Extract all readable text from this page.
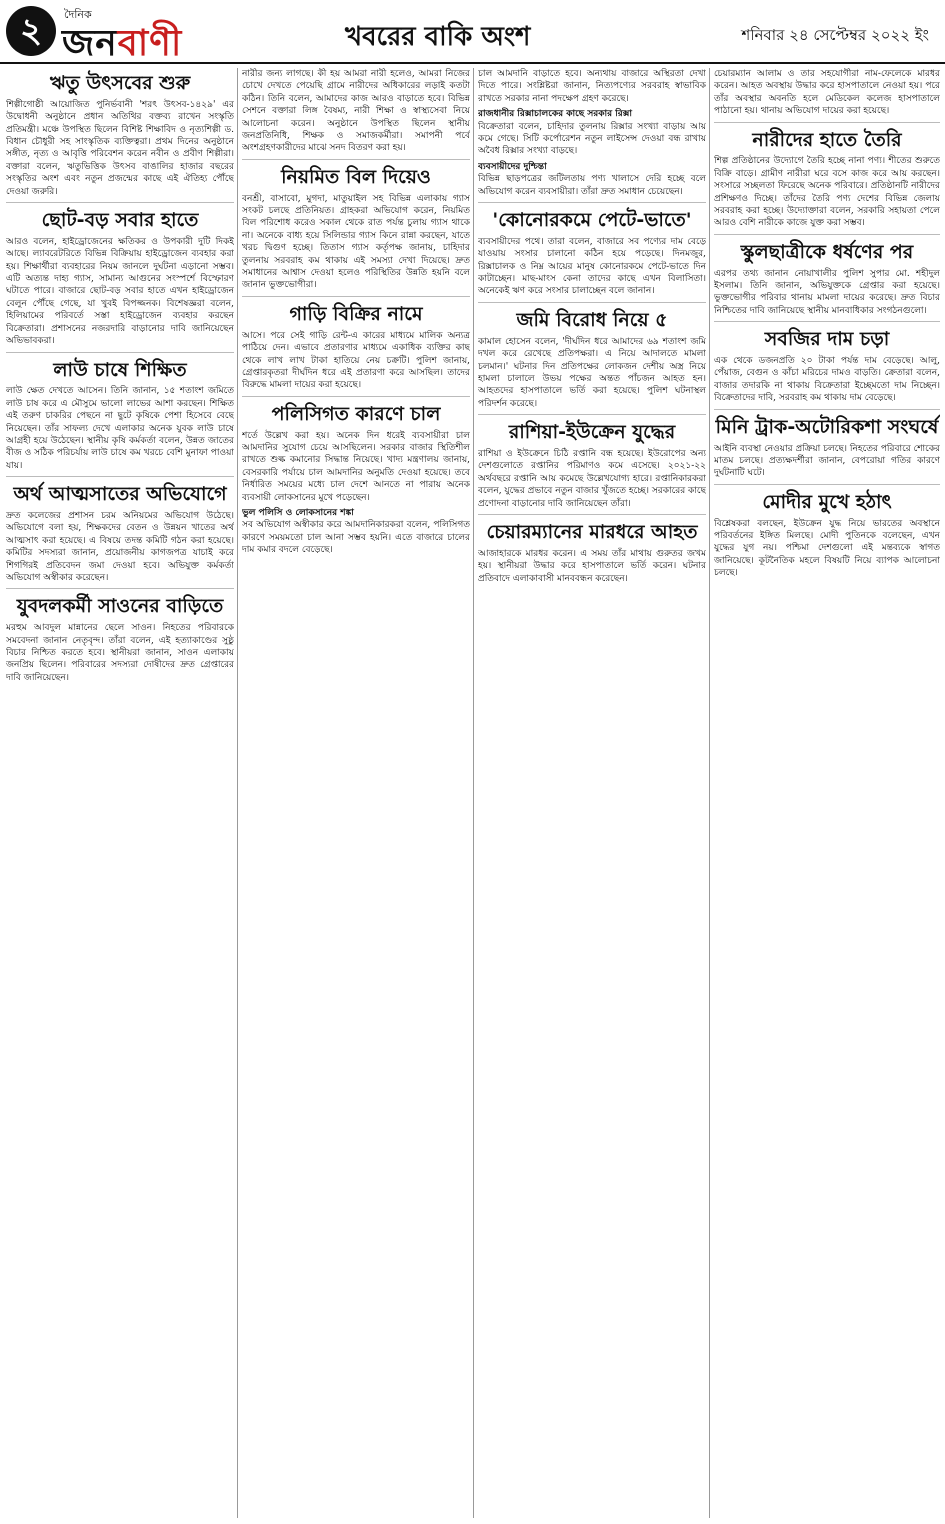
২	দৈনিক
জনবাণী	খবরের বাকি অংশ	শনিবার ২৪ সেপ্টেম্বর ২০২২ ইং
ঋতু উৎসবের শুরু

শিল্পীগোষ্ঠী আয়োজিত পুনির্ভবানী 'শরৎ উৎসব-১৪২৯' এর উদ্বোধনী অনুষ্ঠানে প্রধান অতিথির বক্তব্য রাখেন সংস্কৃতি প্রতিমন্ত্রী। মঞ্চে উপস্থিত ছিলেন বিশিষ্ট শিক্ষাবিদ ও নৃত্যশিল্পী ড. বিধান চৌধুরী সহ সাংস্কৃতিক ব্যক্তিত্বরা। প্রথম দিনের অনুষ্ঠানে সঙ্গীত, নৃত্য ও আবৃত্তি পরিবেশন করেন নবীন ও প্রবীণ শিল্পীরা। বক্তারা বলেন, ঋতুভিত্তিক উৎসব বাঙালির হাজার বছরের সংস্কৃতির অংশ এবং নতুন প্রজন্মের কাছে এই ঐতিহ্য পৌঁছে দেওয়া জরুরি।

ছোট-বড় সবার হাতে

আরও বলেন, হাইড্রোজেনের ক্ষতিকর ও উপকারী দুটি দিকই আছে। ল্যাবরেটরিতে বিভিন্ন বিক্রিয়ায় হাইড্রোজেন ব্যবহার করা হয়। শিক্ষার্থীরা ব্যবহারের নিয়ম জানলে দুর্ঘটনা এড়ানো সম্ভব। এটি অত্যন্ত দাহ্য গ্যাস, সামান্য আগুনের সংস্পর্শে বিস্ফোরণ ঘটাতে পারে। বাজারে ছোট-বড় সবার হাতে এখন হাইড্রোজেন বেলুন পৌঁছে গেছে, যা খুবই বিপজ্জনক। বিশেষজ্ঞরা বলেন, হিলিয়ামের পরিবর্তে সস্তা হাইড্রোজেন ব্যবহার করছেন বিক্রেতারা। প্রশাসনের নজরদারি বাড়ানোর দাবি জানিয়েছেন অভিভাবকরা।

লাউ চাষে শিক্ষিত

লাউ ক্ষেত দেখতে আসেন। তিনি জানান, ১৫ শতাংশ জমিতে লাউ চাষ করে এ মৌসুমে ভালো লাভের আশা করছেন। শিক্ষিত এই তরুণ চাকরির পেছনে না ছুটে কৃষিকে পেশা হিসেবে বেছে নিয়েছেন। তাঁর সাফল্য দেখে এলাকার অনেক যুবক লাউ চাষে আগ্রহী হয়ে উঠেছেন। স্থানীয় কৃষি কর্মকর্তা বলেন, উন্নত জাতের বীজ ও সঠিক পরিচর্যায় লাউ চাষে কম খরচে বেশি মুনাফা পাওয়া যায়।

অর্থ আত্মসাতের অভিযোগে

দ্রুত কলেজের প্রশাসন চরম অনিয়মের অভিযোগ উঠেছে। অভিযোগে বলা হয়, শিক্ষকদের বেতন ও উন্নয়ন খাতের অর্থ আত্মসাৎ করা হয়েছে। এ বিষয়ে তদন্ত কমিটি গঠন করা হয়েছে। কমিটির সদস্যরা জানান, প্রয়োজনীয় কাগজপত্র যাচাই করে শিগগিরই প্রতিবেদন জমা দেওয়া হবে। অভিযুক্ত কর্মকর্তা অভিযোগ অস্বীকার করেছেন।

যুবদলকর্মী সাওনের বাড়িতে

মরহুম আবদুল মান্নানের ছেলে সাওন। নিহতের পরিবারকে সমবেদনা জানান নেতৃবৃন্দ। তাঁরা বলেন, এই হত্যাকাণ্ডের সুষ্ঠু বিচার নিশ্চিত করতে হবে। স্থানীয়রা জানান, সাওন এলাকায় জনপ্রিয় ছিলেন। পরিবারের সদস্যরা দোষীদের দ্রুত গ্রেপ্তারের দাবি জানিয়েছেন।

নারীর জন্য লাগছে। কী হয় আমরা নারী হলেও, আমরা নিজের চোখে দেখতে পেয়েছি গ্রামে নারীদের অধিকারের লড়াই কতটা কঠিন। তিনি বলেন, আমাদের কাজ আরও বাড়াতে হবে। বিভিন্ন সেশনে বক্তারা লিঙ্গ বৈষম্য, নারী শিক্ষা ও স্বাস্থ্যসেবা নিয়ে আলোচনা করেন। অনুষ্ঠানে উপস্থিত ছিলেন স্থানীয় জনপ্রতিনিধি, শিক্ষক ও সমাজকর্মীরা। সমাপনী পর্বে অংশগ্রহণকারীদের মাঝে সনদ বিতরণ করা হয়।

নিয়মিত বিল দিয়েও

বনশ্রী, বাসাবো, মুগদা, মাতুয়াইল সহ বিভিন্ন এলাকায় গ্যাস সংকট চলছে প্রতিনিয়ত। গ্রাহকরা অভিযোগ করেন, নিয়মিত বিল পরিশোধ করেও সকাল থেকে রাত পর্যন্ত চুলায় গ্যাস থাকে না। অনেকে বাধ্য হয়ে সিলিন্ডার গ্যাস কিনে রান্না করছেন, যাতে খরচ দ্বিগুণ হচ্ছে। তিতাস গ্যাস কর্তৃপক্ষ জানায়, চাহিদার তুলনায় সরবরাহ কম থাকায় এই সমস্যা দেখা দিয়েছে। দ্রুত সমাধানের আশ্বাস দেওয়া হলেও পরিস্থিতির উন্নতি হয়নি বলে জানান ভুক্তভোগীরা।

গাড়ি বিক্রির নামে

আসে। পরে সেই গাড়ি রেন্ট-এ কারের মাধ্যমে মালিক অন্যত্র পাঠিয়ে দেন। এভাবে প্রতারণার মাধ্যমে একাধিক ব্যক্তির কাছ থেকে লাখ লাখ টাকা হাতিয়ে নেয় চক্রটি। পুলিশ জানায়, গ্রেপ্তারকৃতরা দীর্ঘদিন ধরে এই প্রতারণা করে আসছিল। তাদের বিরুদ্ধে মামলা দায়ের করা হয়েছে।

পলিসিগত কারণে চাল

শর্তে উল্লেখ করা হয়। অনেক দিন ধরেই ব্যবসায়ীরা চাল আমদানির সুযোগ চেয়ে আসছিলেন। সরকার বাজার স্থিতিশীল রাখতে শুল্ক কমানোর সিদ্ধান্ত নিয়েছে। খাদ্য মন্ত্রণালয় জানায়, বেসরকারি পর্যায়ে চাল আমদানির অনুমতি দেওয়া হয়েছে। তবে নির্ধারিত সময়ের মধ্যে চাল দেশে আনতে না পারায় অনেক ব্যবসায়ী লোকসানের মুখে পড়েছেন।

ভুল পলিসি ও লোকসানের শঙ্কা

সব অভিযোগ অস্বীকার করে আমদানিকারকরা বলেন, পলিসিগত কারণে সময়মতো চাল আনা সম্ভব হয়নি। এতে বাজারে চালের দাম কমার বদলে বেড়েছে।

চাল আমদানি বাড়াতে হবে। অন্যথায় বাজারে অস্থিরতা দেখা দিতে পারে। সংশ্লিষ্টরা জানান, নিত্যপণ্যের সরবরাহ স্বাভাবিক রাখতে সরকার নানা পদক্ষেপ গ্রহণ করেছে।

রাজধানীর রিক্সাচালকের কাছে সরকার রিক্সা

বিক্রেতারা বলেন, চাহিদার তুলনায় রিক্সার সংখ্যা বাড়ায় আয় কমে গেছে। সিটি কর্পোরেশন নতুন লাইসেন্স দেওয়া বন্ধ রাখায় অবৈধ রিক্সার সংখ্যা বাড়ছে।

ব্যবসায়ীদের দুশ্চিন্তা

বিভিন্ন ছাড়পত্রের জটিলতায় পণ্য খালাসে দেরি হচ্ছে বলে অভিযোগ করেন ব্যবসায়ীরা। তাঁরা দ্রুত সমাধান চেয়েছেন।

'কোনোরকমে পেটে-ভাতে'

ব্যবসায়ীদের পথে। তারা বলেন, বাজারে সব পণ্যের দাম বেড়ে যাওয়ায় সংসার চালানো কঠিন হয়ে পড়েছে। দিনমজুর, রিক্সাচালক ও নিম্ন আয়ের মানুষ কোনোরকমে পেটে-ভাতে দিন কাটাচ্ছেন। মাছ-মাংস কেনা তাদের কাছে এখন বিলাসিতা। অনেকেই ঋণ করে সংসার চালাচ্ছেন বলে জানান।

জমি বিরোধ নিয়ে ৫

কামাল হোসেন বলেন, 'দীর্ঘদিন ধরে আমাদের ৬৯ শতাংশ জমি দখল করে রেখেছে প্রতিপক্ষরা। এ নিয়ে আদালতে মামলা চলমান।' ঘটনার দিন প্রতিপক্ষের লোকজন দেশীয় অস্ত্র নিয়ে হামলা চালালে উভয় পক্ষের অন্তত পাঁচজন আহত হন। আহতদের হাসপাতালে ভর্তি করা হয়েছে। পুলিশ ঘটনাস্থল পরিদর্শন করেছে।

রাশিয়া-ইউক্রেন যুদ্ধের

রাশিয়া ও ইউক্রেনে চিঠি রপ্তানি বন্ধ হয়েছে। ইউরোপের অন্য দেশগুলোতে রপ্তানির পরিমাণও কমে এসেছে। ২০২১-২২ অর্থবছরে রপ্তানি আয় কমেছে উল্লেখযোগ্য হারে। রপ্তানিকারকরা বলেন, যুদ্ধের প্রভাবে নতুন বাজার খুঁজতে হচ্ছে। সরকারের কাছে প্রণোদনা বাড়ানোর দাবি জানিয়েছেন তাঁরা।

চেয়ারম্যানের মারধরে আহত

আজাহারকে মারধর করেন। এ সময় তাঁর মাথায় গুরুতর জখম হয়। স্থানীয়রা উদ্ধার করে হাসপাতালে ভর্তি করেন। ঘটনার প্রতিবাদে এলাকাবাসী মানববন্ধন করেছেন।

চেয়ারম্যান আলাম ও তার সহযোগীরা নাম-ফেলেকে মারধর করেন। আহত অবস্থায় উদ্ধার করে হাসপাতালে নেওয়া হয়। পরে তাঁর অবস্থার অবনতি হলে মেডিকেল কলেজ হাসপাতালে পাঠানো হয়। থানায় অভিযোগ দায়ের করা হয়েছে।

নারীদের হাতে তৈরি

শিল্প প্রতিষ্ঠানের উদ্যোগে তৈরি হচ্ছে নানা পণ্য। শীতের শুরুতে বিক্রি বাড়ে। গ্রামীণ নারীরা ঘরে বসে কাজ করে আয় করছেন। সংসারে সচ্ছলতা ফিরেছে অনেক পরিবারে। প্রতিষ্ঠানটি নারীদের প্রশিক্ষণও দিচ্ছে। তাঁদের তৈরি পণ্য দেশের বিভিন্ন জেলায় সরবরাহ করা হচ্ছে। উদ্যোক্তারা বলেন, সরকারি সহায়তা পেলে আরও বেশি নারীকে কাজে যুক্ত করা সম্ভব।

স্কুলছাত্রীকে ধর্ষণের পর

এরপর তথ্য জানান নোয়াখালীর পুলিশ সুপার মো. শহীদুল ইসলাম। তিনি জানান, অভিযুক্তকে গ্রেপ্তার করা হয়েছে। ভুক্তভোগীর পরিবার থানায় মামলা দায়ের করেছে। দ্রুত বিচার নিশ্চিতের দাবি জানিয়েছে স্থানীয় মানবাধিকার সংগঠনগুলো।

সবজির দাম চড়া

এক থেকে ডজনপ্রতি ২০ টাকা পর্যন্ত দাম বেড়েছে। আলু, পেঁয়াজ, বেগুন ও কাঁচা মরিচের দামও বাড়তি। ক্রেতারা বলেন, বাজার তদারকি না থাকায় বিক্রেতারা ইচ্ছেমতো দাম নিচ্ছেন। বিক্রেতাদের দাবি, সরবরাহ কম থাকায় দাম বেড়েছে।

মিনি ট্রাক-অটোরিকশা সংঘর্ষে

আইনি ব্যবস্থা নেওয়ার প্রক্রিয়া চলছে। নিহতের পরিবারে শোকের মাতম চলছে। প্রত্যক্ষদর্শীরা জানান, বেপরোয়া গতির কারণে দুর্ঘটনাটি ঘটে।

মোদীর মুখে হঠাৎ

বিশ্লেষকরা বলছেন, ইউক্রেন যুদ্ধ নিয়ে ভারতের অবস্থানে পরিবর্তনের ইঙ্গিত মিলছে। মোদী পুতিনকে বলেছেন, এখন যুদ্ধের যুগ নয়। পশ্চিমা দেশগুলো এই মন্তব্যকে স্বাগত জানিয়েছে। কূটনৈতিক মহলে বিষয়টি নিয়ে ব্যাপক আলোচনা চলছে।
